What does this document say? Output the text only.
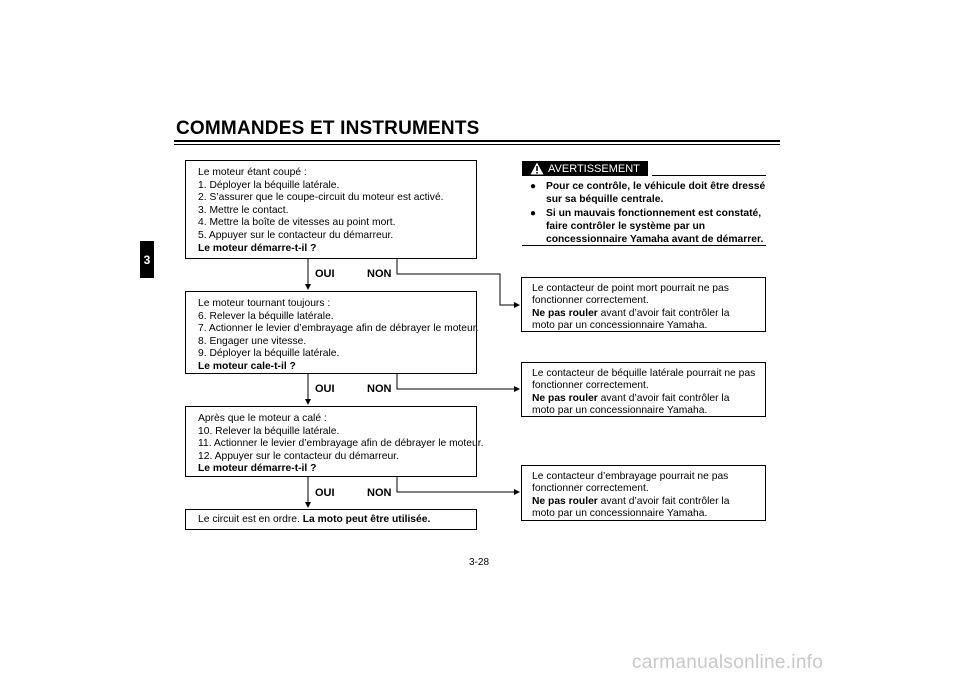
COMMANDES ET INSTRUMENTS
3
Le moteur étant coupé :
1. Déployer la béquille latérale.
2. S’assurer que le coupe-circuit du moteur est activé.
3. Mettre le contact.
4. Mettre la boîte de vitesses au point mort.
5. Appuyer sur le contacteur du démarreur.
Le moteur démarre-t-il ?
OUI	NON
Le moteur tournant toujours :
6. Relever la béquille latérale.
7. Actionner le levier d’embrayage afin de débrayer le moteur.
8. Engager une vitesse.
9. Déployer la béquille latérale.
Le moteur cale-t-il ?
OUI	NON
Après que le moteur a calé :
10. Relever la béquille latérale.
11. Actionner le levier d’embrayage afin de débrayer le moteur.
12. Appuyer sur le contacteur du démarreur.
Le moteur démarre-t-il ?
OUI	NON
Le circuit est en ordre. La moto peut être utilisée.
AVERTISSEMENT
● Pour ce contrôle, le véhicule doit être dressé sur sa béquille centrale.
● Si un mauvais fonctionnement est constaté, faire contrôler le système par un concessionnaire Yamaha avant de démarrer.
Le contacteur de point mort pourrait ne pas
fonctionner correctement.
Ne pas rouler avant d’avoir fait contrôler la
moto par un concessionnaire Yamaha.
Le contacteur de béquille latérale pourrait ne pas
fonctionner correctement.
Ne pas rouler avant d’avoir fait contrôler la
moto par un concessionnaire Yamaha.
Le contacteur d’embrayage pourrait ne pas
fonctionner correctement.
Ne pas rouler avant d’avoir fait contrôler la
moto par un concessionnaire Yamaha.
3-28
carmanualsonline.info
